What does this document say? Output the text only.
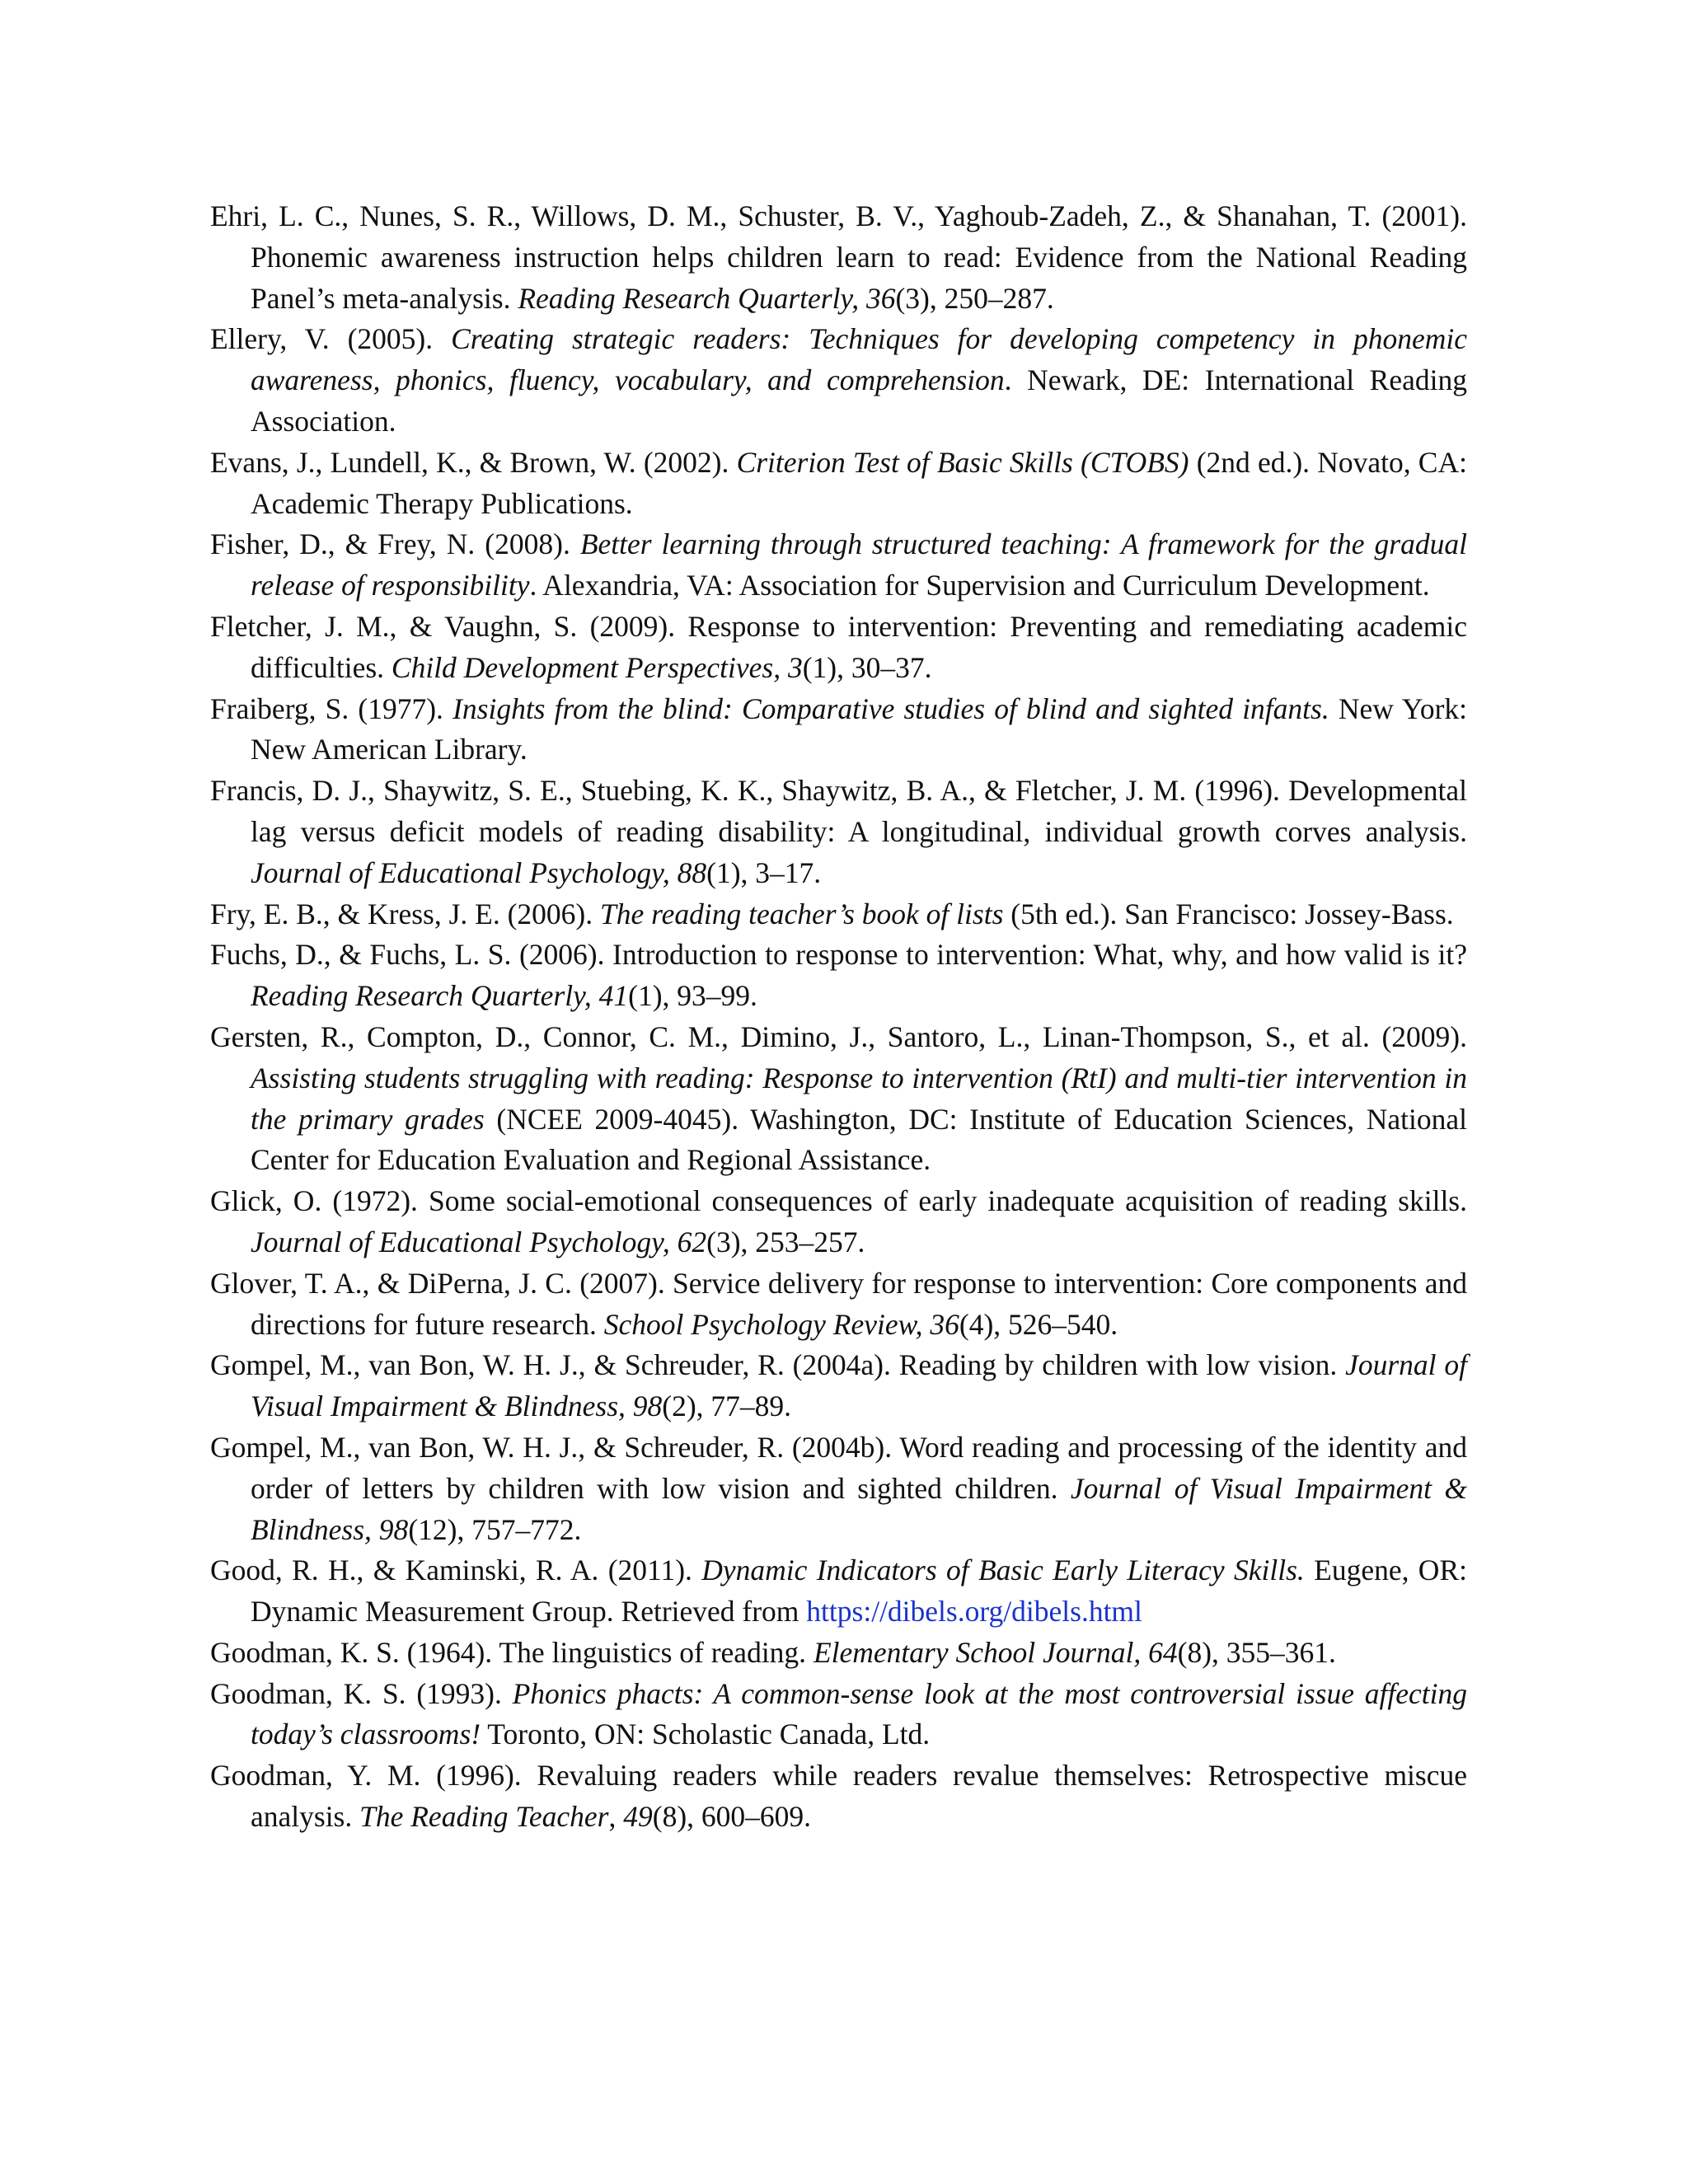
Ehri, L. C., Nunes, S. R., Willows, D. M., Schuster, B. V., Yaghoub-Zadeh, Z., & Shanahan, T. (2001). Phonemic awareness instruction helps children learn to read: Evidence from the National Reading Panel’s meta-analysis. Reading Research Quarterly, 36(3), 250–287.

Ellery, V. (2005). Creating strategic readers: Techniques for developing competency in phonemic awareness, phonics, fluency, vocabulary, and comprehension. Newark, DE: International Reading Association.

Evans, J., Lundell, K., & Brown, W. (2002). Criterion Test of Basic Skills (CTOBS) (2nd ed.). Novato, CA: Academic Therapy Publications.

Fisher, D., & Frey, N. (2008). Better learning through structured teaching: A framework for the gradual release of responsibility. Alexandria, VA: Association for Supervision and Curriculum Development.

Fletcher, J. M., & Vaughn, S. (2009). Response to intervention: Preventing and remediating academic difficulties. Child Development Perspectives, 3(1), 30–37.

Fraiberg, S. (1977). Insights from the blind: Comparative studies of blind and sighted infants. New York: New American Library.

Francis, D. J., Shaywitz, S. E., Stuebing, K. K., Shaywitz, B. A., & Fletcher, J. M. (1996). Developmental lag versus deficit models of reading disability: A longitudinal, individual growth corves analysis. Journal of Educational Psychology, 88(1), 3–17.

Fry, E. B., & Kress, J. E. (2006). The reading teacher’s book of lists (5th ed.). San Francisco: Jossey-Bass.

Fuchs, D., & Fuchs, L. S. (2006). Introduction to response to intervention: What, why, and how valid is it? Reading Research Quarterly, 41(1), 93–99.

Gersten, R., Compton, D., Connor, C. M., Dimino, J., Santoro, L., Linan-Thompson, S., et al. (2009). Assisting students struggling with reading: Response to intervention (RtI) and multi-tier intervention in the primary grades (NCEE 2009-4045). Washington, DC: Institute of Education Sciences, National Center for Education Evaluation and Regional Assistance.

Glick, O. (1972). Some social-emotional consequences of early inadequate acquisition of reading skills. Journal of Educational Psychology, 62(3), 253–257.

Glover, T. A., & DiPerna, J. C. (2007). Service delivery for response to intervention: Core components and directions for future research. School Psychology Review, 36(4), 526–540.

Gompel, M., van Bon, W. H. J., & Schreuder, R. (2004a). Reading by children with low vision. Journal of Visual Impairment & Blindness, 98(2), 77–89.

Gompel, M., van Bon, W. H. J., & Schreuder, R. (2004b). Word reading and processing of the identity and order of letters by children with low vision and sighted children. Journal of Visual Impairment & Blindness, 98(12), 757–772.

Good, R. H., & Kaminski, R. A. (2011). Dynamic Indicators of Basic Early Literacy Skills. Eugene, OR: Dynamic Measurement Group. Retrieved from https://dibels.org/dibels.html

Goodman, K. S. (1964). The linguistics of reading. Elementary School Journal, 64(8), 355–361.

Goodman, K. S. (1993). Phonics phacts: A common-sense look at the most controversial issue affecting today’s classrooms! Toronto, ON: Scholastic Canada, Ltd.

Goodman, Y. M. (1996). Revaluing readers while readers revalue themselves: Retrospective miscue analysis. The Reading Teacher, 49(8), 600–609.
